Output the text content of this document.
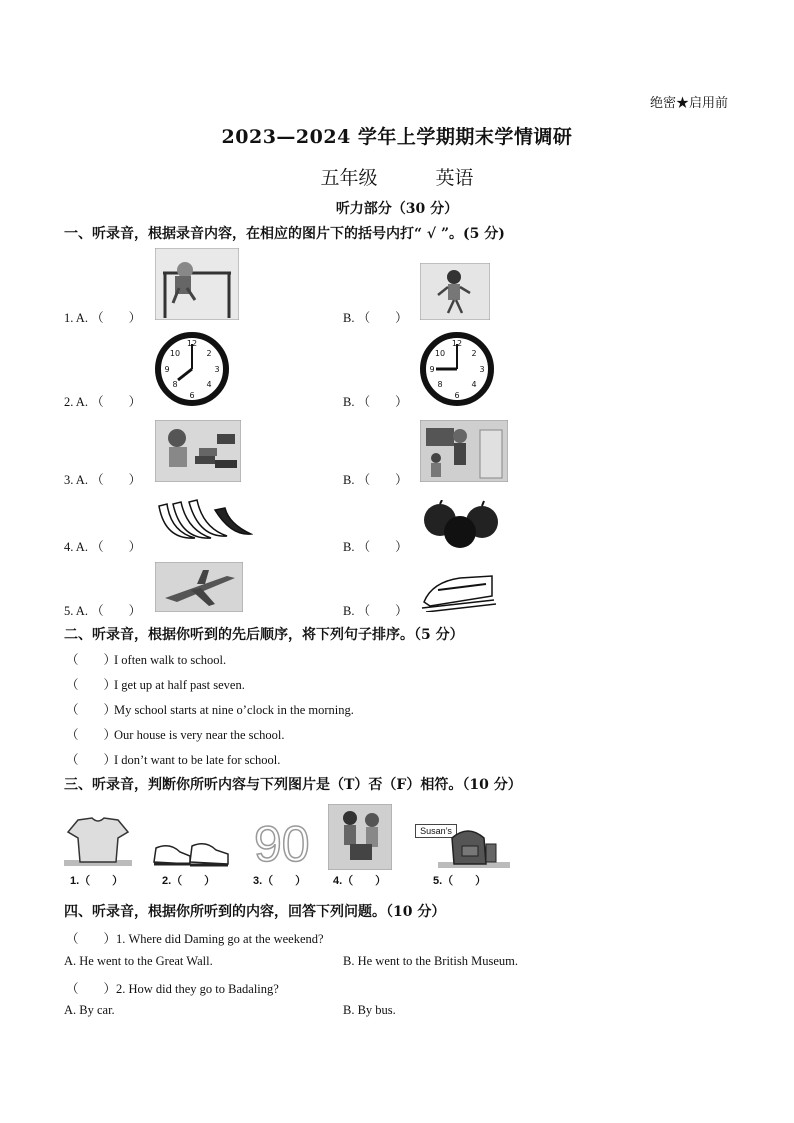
绝密★启用前
2023—2024 学年上学期期末学情调研
五年级	英语
听力部分（30 分）
一、听录音，根据录音内容，在相应的图片下的括号内打“ √ ”。(5 分)
1. A. （　　）	B. （　　）
2. A. （　　）	B. （　　）
12
3
6
9
8	4
10	2
12
3
6
9
8	4
10	2
3. A. （　　）	B. （　　）
4. A. （　　）	B. （　　）
5. A. （　　）	B. （　　）
二、听录音，根据你听到的先后顺序，将下列句子排序。（5 分）
（　　）I often walk to school.
（　　）I get up at half past seven.
（　　）My school starts at nine o’clock in the morning.
（　　）Our house is very near the school.
（　　）I don’t want to be late for school.
三、听录音，判断你所听内容与下列图片是（T）否（F）相符。（10 分）
90	Susan’s
1.（　　）	2.（　　）	3.（　　） 4.（　　）	5.（　　）
四、听录音，根据你所听到的内容，回答下列问题。（10 分）
（　　）1. Where did Daming go at the weekend?
A. He went to the Great Wall.	B. He went to the British Museum.
（　　）2. How did they go to Badaling?
A. By car.	B. By bus.
